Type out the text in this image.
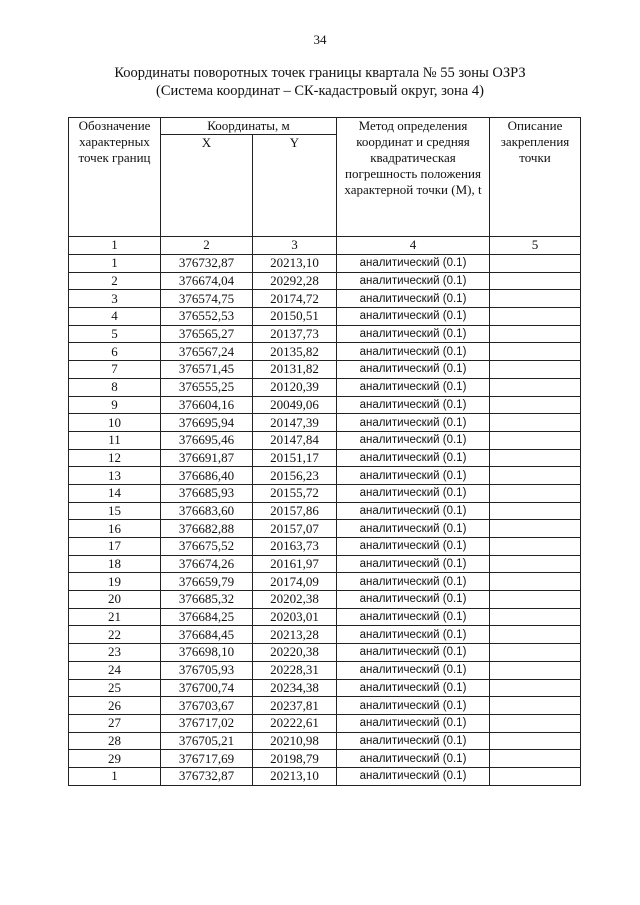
34
Координаты поворотных точек границы квартала № 55 зоны ОЗРЗ
(Система координат – СК-кадастровый округ, зона 4)
Обозначение характерных точек границ	Координаты, м		Метод определения координат и средняя квадратическая погрешность положения характерной точки (M), t	Описание закрепления точки
	X	Y		
1	2	3	4	5
1	376732,87	20213,10	аналитический (0.1)	
2	376674,04	20292,28	аналитический (0.1)	
3	376574,75	20174,72	аналитический (0.1)	
4	376552,53	20150,51	аналитический (0.1)	
5	376565,27	20137,73	аналитический (0.1)	
6	376567,24	20135,82	аналитический (0.1)	
7	376571,45	20131,82	аналитический (0.1)	
8	376555,25	20120,39	аналитический (0.1)	
9	376604,16	20049,06	аналитический (0.1)	
10	376695,94	20147,39	аналитический (0.1)	
11	376695,46	20147,84	аналитический (0.1)	
12	376691,87	20151,17	аналитический (0.1)	
13	376686,40	20156,23	аналитический (0.1)	
14	376685,93	20155,72	аналитический (0.1)	
15	376683,60	20157,86	аналитический (0.1)	
16	376682,88	20157,07	аналитический (0.1)	
17	376675,52	20163,73	аналитический (0.1)	
18	376674,26	20161,97	аналитический (0.1)	
19	376659,79	20174,09	аналитический (0.1)	
20	376685,32	20202,38	аналитический (0.1)	
21	376684,25	20203,01	аналитический (0.1)	
22	376684,45	20213,28	аналитический (0.1)	
23	376698,10	20220,38	аналитический (0.1)	
24	376705,93	20228,31	аналитический (0.1)	
25	376700,74	20234,38	аналитический (0.1)	
26	376703,67	20237,81	аналитический (0.1)	
27	376717,02	20222,61	аналитический (0.1)	
28	376705,21	20210,98	аналитический (0.1)	
29	376717,69	20198,79	аналитический (0.1)	
1	376732,87	20213,10	аналитический (0.1)	
